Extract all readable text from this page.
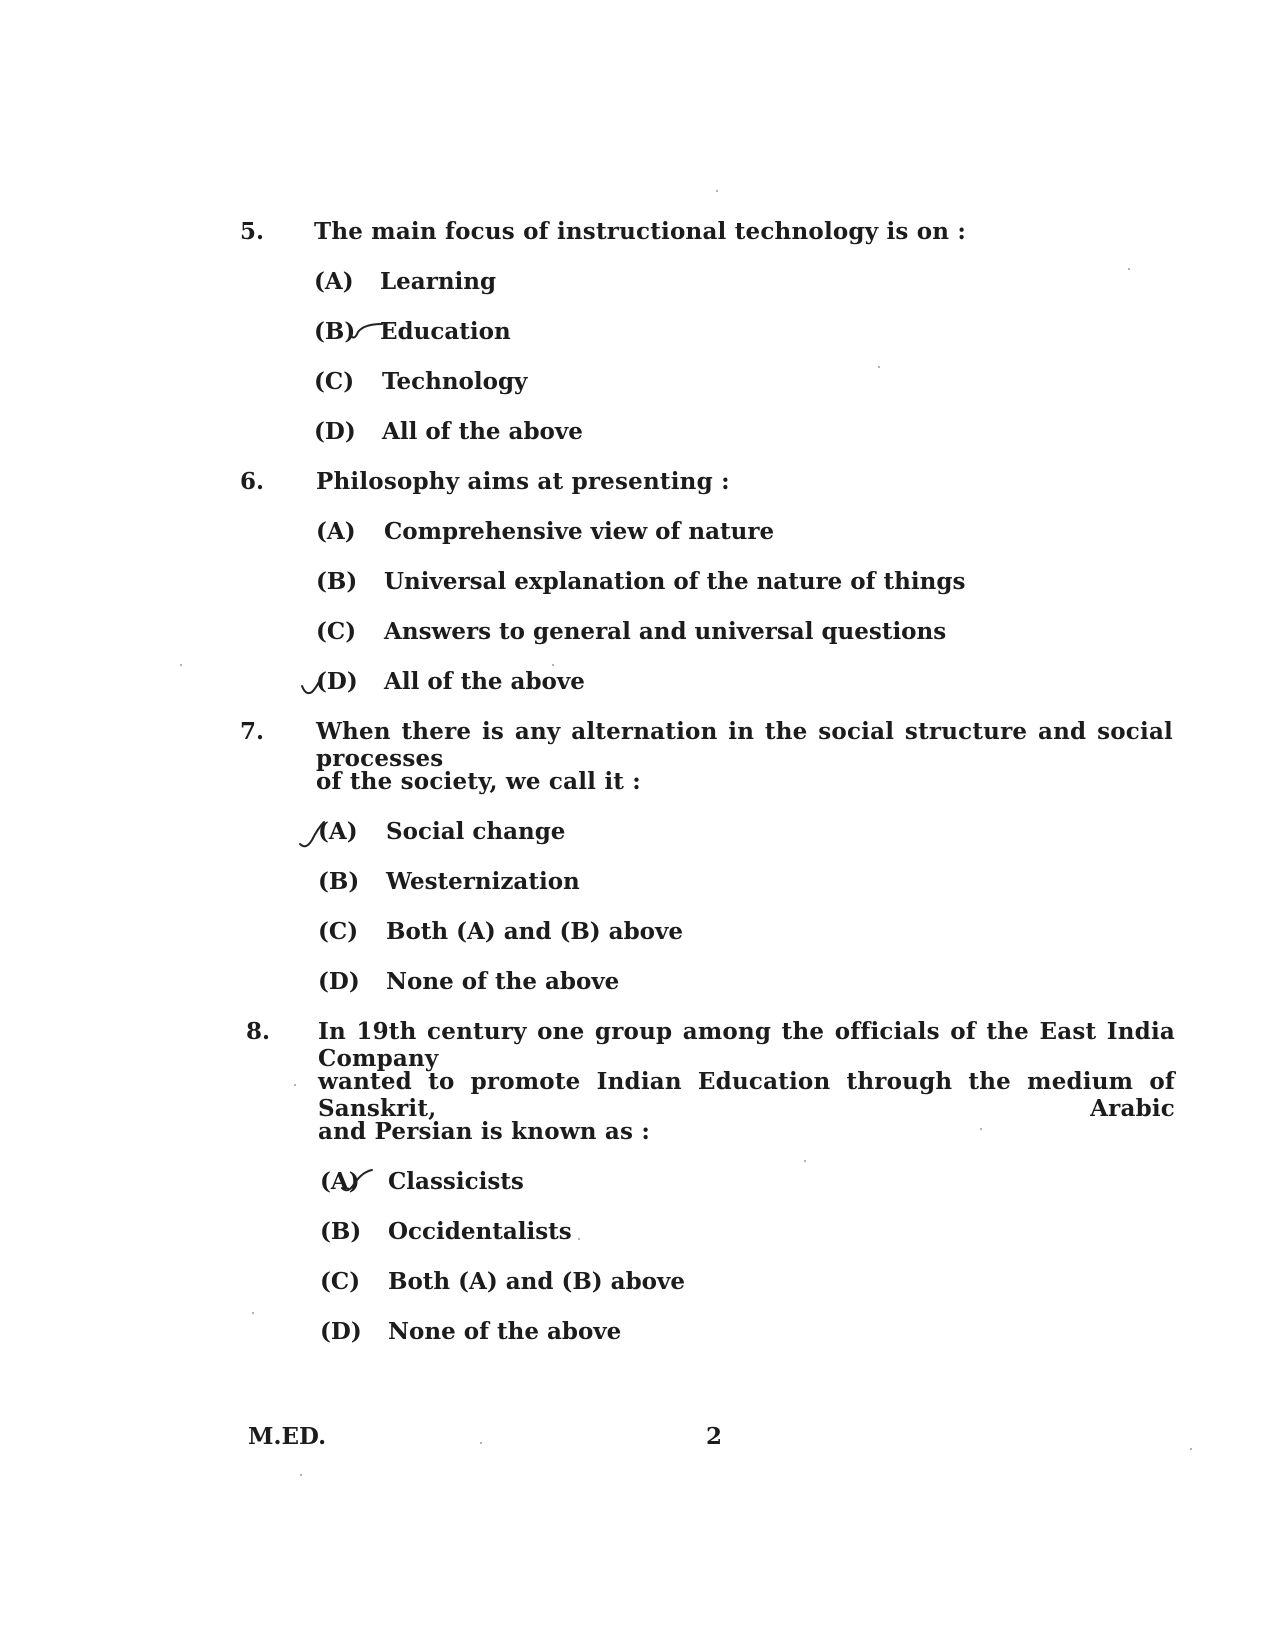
5. The main focus of instructional technology is on :
(A) Learning
(B) Education
(C) Technology
(D) All of the above
6. Philosophy aims at presenting :
(A) Comprehensive view of nature
(B) Universal explanation of the nature of things
(C) Answers to general and universal questions
(D) All of the above
7. When there is any alternation in the social structure and social processes
of the society, we call it :
(A) Social change
(B) Westernization
(C) Both (A) and (B) above
(D) None of the above
8. In 19th century one group among the officials of the East India Company
wanted to promote Indian Education through the medium of Sanskrit, Arabic
and Persian is known as :
(A) Classicists
(B) Occidentalists
(C) Both (A) and (B) above
(D) None of the above
M.ED.	2
